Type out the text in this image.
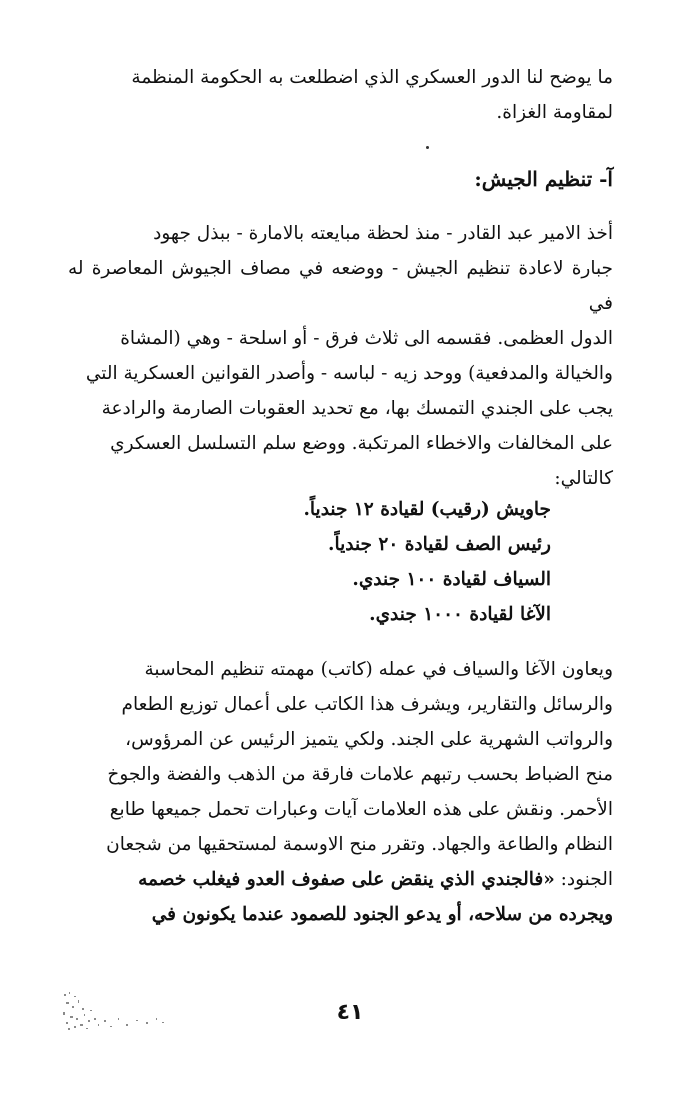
ما يوضح لنا الدور العسكري الذي اضطلعت به الحكومة المنظمة

لمقاومة الغزاة.

آ- تنظيم الجيش:

أخذ الامير عبد القادر - منذ لحظة مبايعته بالامارة - ببذل جهود

جبارة لاعادة تنظيم الجيش - ووضعه في مصاف الجيوش المعاصرة له في

الدول العظمى. فقسمه الى ثلاث فرق - أو اسلحة - وهي (المشاة

والخيالة والمدفعية) ووحد زيه - لباسه - وأصدر القوانين العسكرية التي

يجب على الجندي التمسك بها، مع تحديد العقوبات الصارمة والرادعة

على المخالفات والاخطاء المرتكبة. ووضع سلم التسلسل العسكري

كالتالي:

جاويش (رقيب) لقيادة ١٢ جندياً.

رئيس الصف لقيادة ٢٠ جندياً.

السياف لقيادة ١٠٠ جندي.

الآغا لقيادة ١٠٠٠ جندي.

ويعاون الآغا والسياف في عمله (كاتب) مهمته تنظيم المحاسبة

والرسائل والتقارير، ويشرف هذا الكاتب على أعمال توزيع الطعام

والرواتب الشهرية على الجند. ولكي يتميز الرئيس عن المرؤوس،

منح الضباط بحسب رتبهم علامات فارقة من الذهب والفضة والجوخ

الأحمر. ونقش على هذه العلامات آيات وعبارات تحمل جميعها طابع

النظام والطاعة والجهاد. وتقرر منح الاوسمة لمستحقيها من شجعان

الجنود: «فالجندي الذي ينقض على صفوف العدو فيغلب خصمه

ويجرده من سلاحه، أو يدعو الجنود للصمود عندما يكونون في

٤١
